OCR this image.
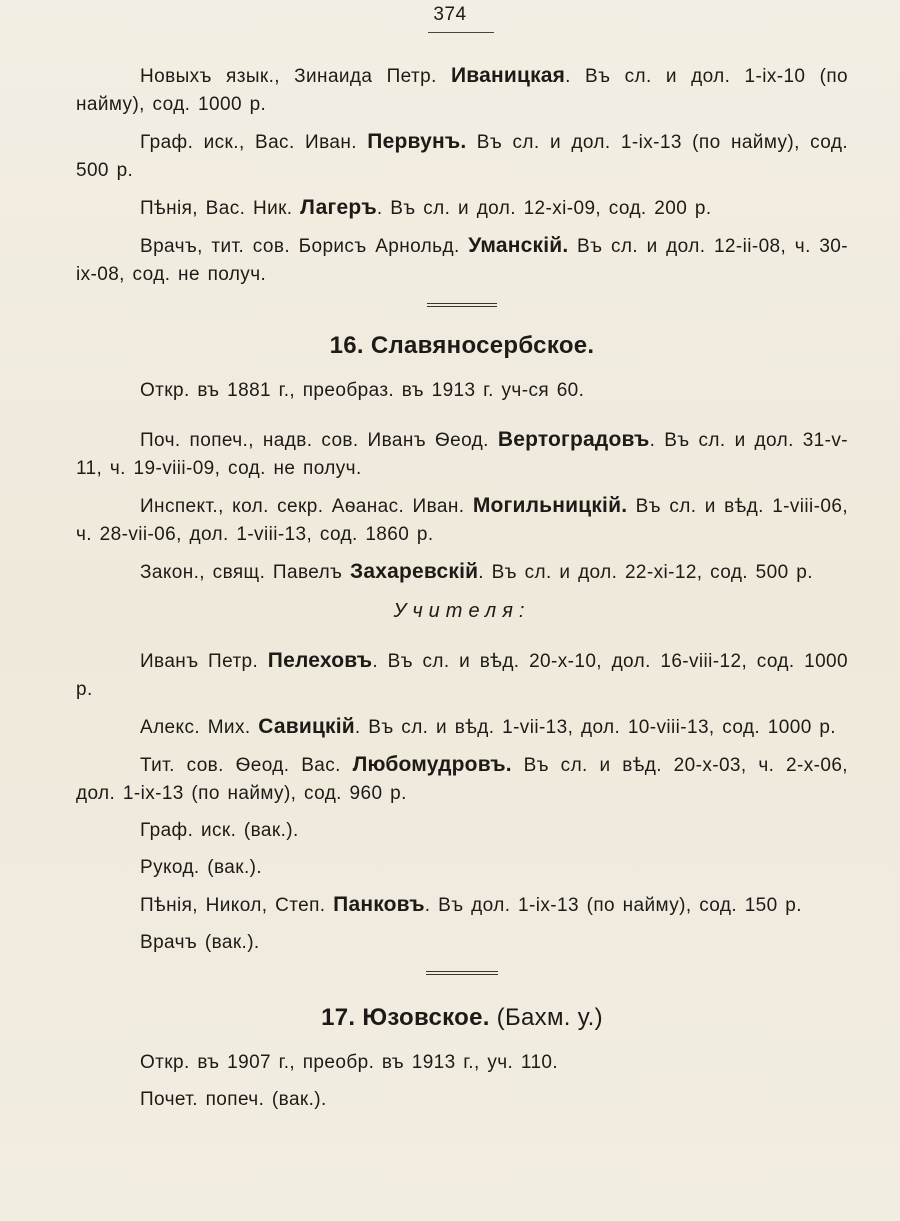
374

Новыхъ язык., Зинаида Петр. Иваницкая. Въ сл. и дол. 1-ix-10 (по найму), сод. 1000 р.

Граф. иск., Вас. Иван. Первунъ. Въ сл. и дол. 1-ix-13 (по найму), сод. 500 р.

Пѣнія, Вас. Ник. Лагеръ. Въ сл. и дол. 12-xi-09, сод. 200 р.

Врачъ, тит. сов. Борисъ Арнольд. Уманскій. Въ сл. и дол. 12-ii-08, ч. 30-ix-08, сод. не получ.

16. Славяносербское.

Откр. въ 1881 г., преобраз. въ 1913 г. уч-ся 60.

Поч. попеч., надв. сов. Иванъ Ѳеод. Вертоградовъ. Въ сл. и дол. 31-v-11, ч. 19-viii-09, сод. не получ.

Инспект., кол. секр. Аѳанас. Иван. Могильницкій. Въ сл. и вѣд. 1-viii-06, ч. 28-vii-06, дол. 1-viii-13, сод. 1860 р.

Закон., свящ. Павелъ Захаревскій. Въ сл. и дол. 22-xi-12, сод. 500 р.

Учителя:

Иванъ Петр. Пелеховъ. Въ сл. и вѣд. 20-x-10, дол. 16-viii-12, сод. 1000 р.

Алекс. Мих. Савицкій. Въ сл. и вѣд. 1-vii-13, дол. 10-viii-13, сод. 1000 р.

Тит. сов. Ѳеод. Вас. Любомудровъ. Въ сл. и вѣд. 20-x-03, ч. 2-x-06, дол. 1-ix-13 (по найму), сод. 960 р.

Граф. иск. (вак.).

Рукод. (вак.).

Пѣнія, Никол, Степ. Панковъ. Въ дол. 1-ix-13 (по найму), сод. 150 р.

Врачъ (вак.).

17. Юзовское. (Бахм. у.)

Откр. въ 1907 г., преобр. въ 1913 г., уч. 110.

Почет. попеч. (вак.).
